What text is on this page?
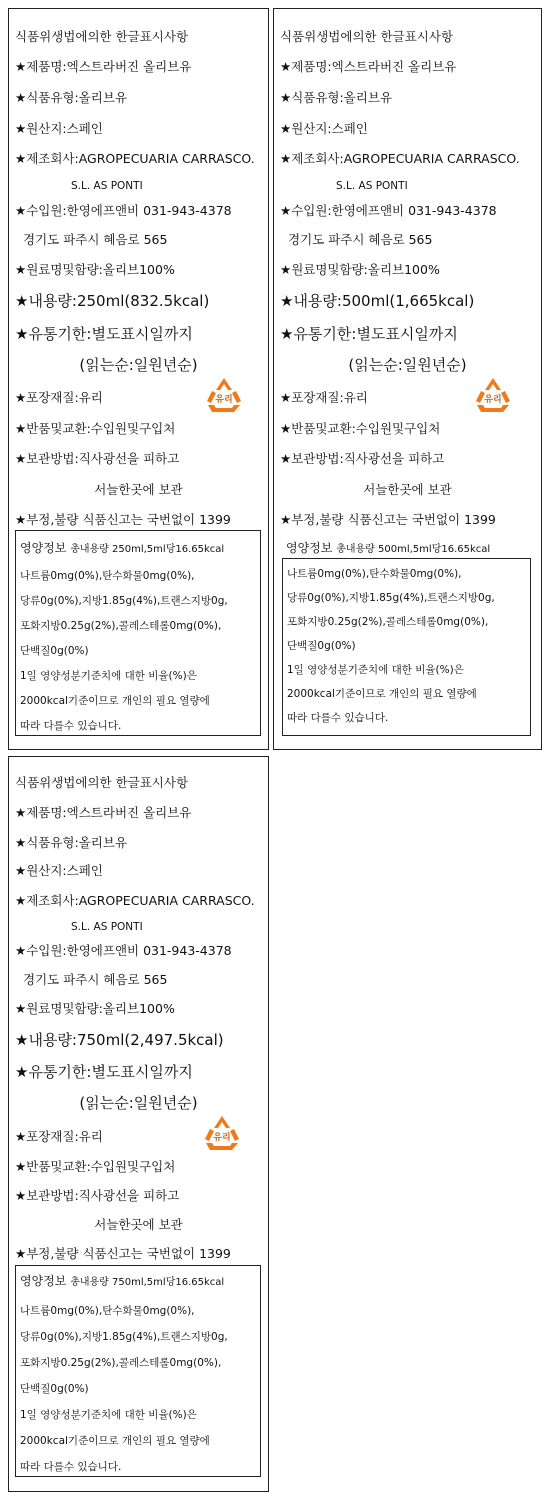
식품위생법에의한 한글표시사항
★제품명:엑스트라버진 올리브유
★식품유형:올리브유
★원산지:스페인
★제조회사:AGROPECUARIA CARRASCO.
S.L. AS PONTI
★수입원:한영에프앤비 031-943-4378
경기도 파주시 혜음로 565
★원료명및함량:올리브100%
★내용량:250ml(832.5kcal)
★유통기한:별도표시일까지
(읽는순:일원년순)
★포장재질:유리	유리
★반품및교환:수입원및구입처
★보관방법:직사광선을 피하고
서늘한곳에 보관
★부정,불량 식품신고는 국번없이 1399
영양정보 총내용량 250ml,5ml당16.65kcal
나트륨0mg(0%),탄수화물0mg(0%),
당류0g(0%),지방1.85g(4%),트랜스지방0g,
포화지방0.25g(2%),콜레스테롤0mg(0%),
단백질0g(0%)
1일 영양성분기준치에 대한 비율(%)은
2000kcal기준이므로 개인의 필요 열량에
따라 다를수 있습니다.
식품위생법에의한 한글표시사항
★제품명:엑스트라버진 올리브유
★식품유형:올리브유
★원산지:스페인
★제조회사:AGROPECUARIA CARRASCO.
S.L. AS PONTI
★수입원:한영에프앤비 031-943-4378
경기도 파주시 혜음로 565
★원료명및함량:올리브100%
★내용량:500ml(1,665kcal)
★유통기한:별도표시일까지
(읽는순:일원년순)
★포장재질:유리	유리
★반품및교환:수입원및구입처
★보관방법:직사광선을 피하고
서늘한곳에 보관
★부정,불량 식품신고는 국번없이 1399
영양정보 총내용량 500ml,5ml당16.65kcal
나트륨0mg(0%),탄수화물0mg(0%),
당류0g(0%),지방1.85g(4%),트랜스지방0g,
포화지방0.25g(2%),콜레스테롤0mg(0%),
단백질0g(0%)
1일 영양성분기준치에 대한 비율(%)은
2000kcal기준이므로 개인의 필요 열량에
따라 다를수 있습니다.
식품위생법에의한 한글표시사항
★제품명:엑스트라버진 올리브유
★식품유형:올리브유
★원산지:스페인
★제조회사:AGROPECUARIA CARRASCO.
S.L. AS PONTI
★수입원:한영에프앤비 031-943-4378
경기도 파주시 혜음로 565
★원료명및함량:올리브100%
★내용량:750ml(2,497.5kcal)
★유통기한:별도표시일까지
(읽는순:일원년순)
★포장재질:유리	유리
★반품및교환:수입원및구입처
★보관방법:직사광선을 피하고
서늘한곳에 보관
★부정,불량 식품신고는 국번없이 1399
영양정보 총내용량 750ml,5ml당16.65kcal
나트륨0mg(0%),탄수화물0mg(0%),
당류0g(0%),지방1.85g(4%),트랜스지방0g,
포화지방0.25g(2%),콜레스테롤0mg(0%),
단백질0g(0%)
1일 영양성분기준치에 대한 비율(%)은
2000kcal기준이므로 개인의 필요 열량에
따라 다를수 있습니다.
